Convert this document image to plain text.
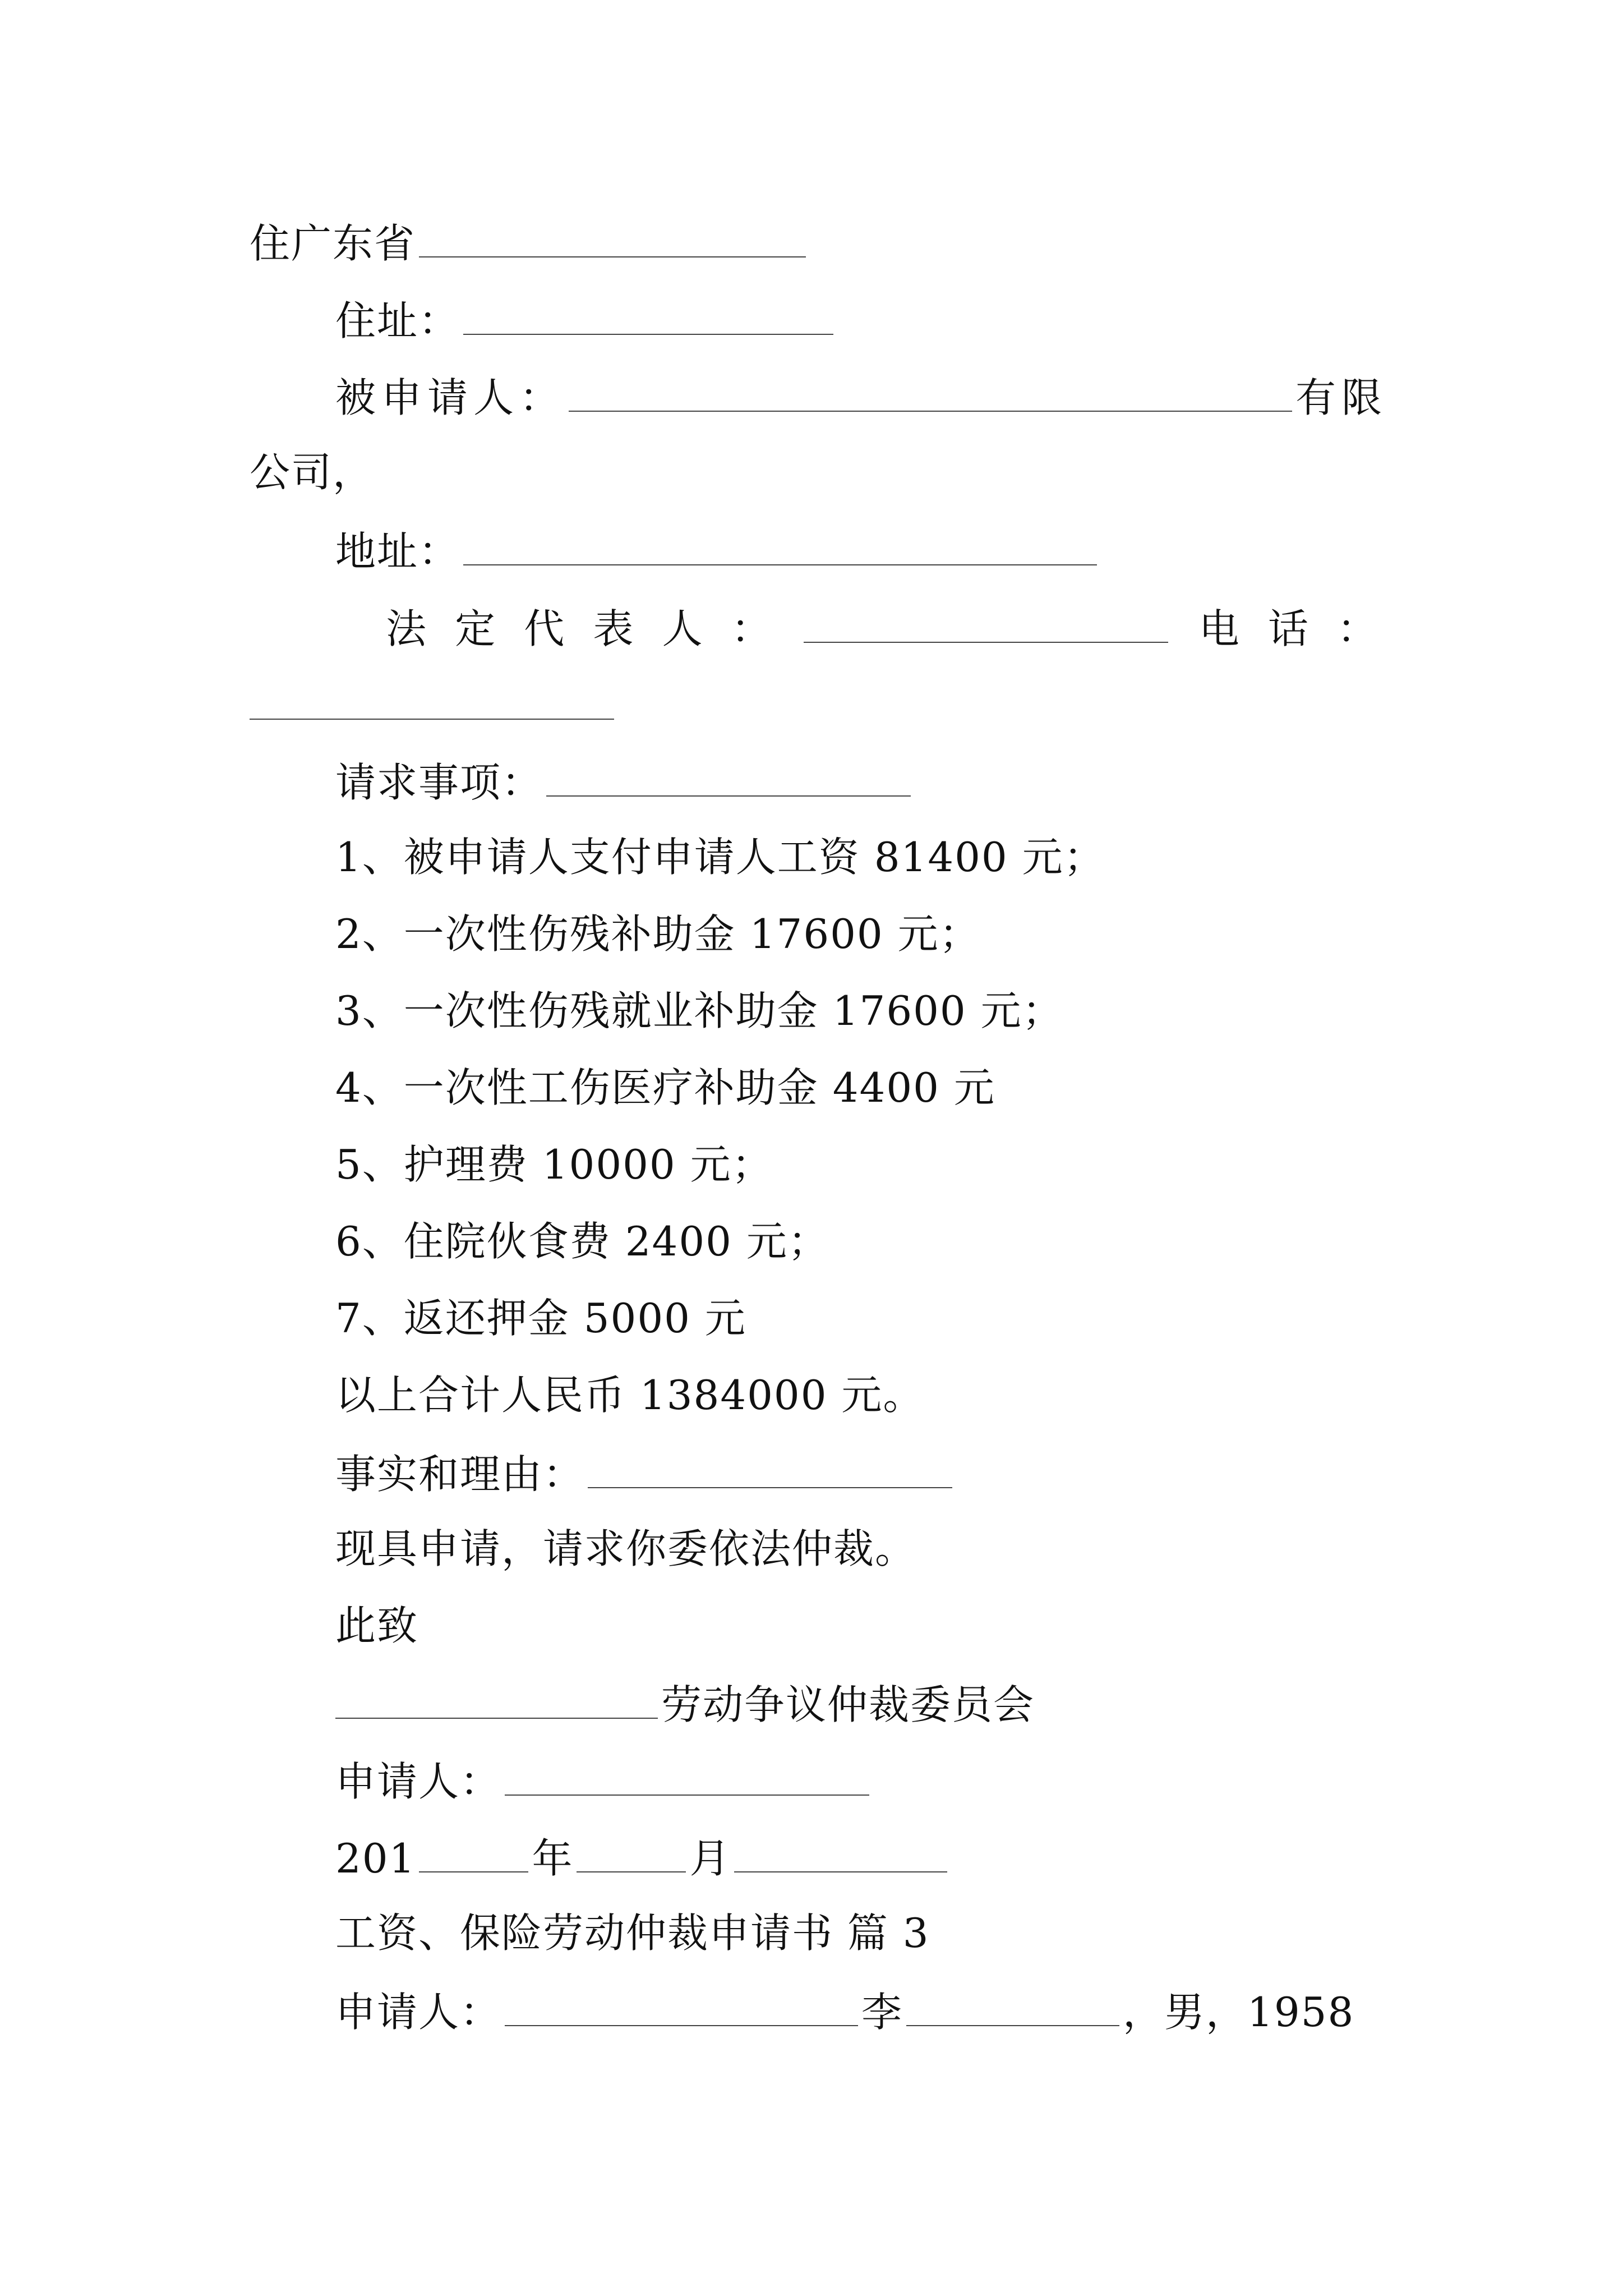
住广东省
住址：
被申请人：	有限
公司，
地址：
法 定 代 表 人 ：	电 话 ：
请求事项：
1、被申请人支付申请人工资 81400 元；
2、一次性伤残补助金 17600 元；
3、一次性伤残就业补助金 17600 元；
4、一次性工伤医疗补助金 4400 元
5、护理费 10000 元；
6、住院伙食费 2400 元；
7、返还押金 5000 元
以上合计人民币 1384000 元。
事实和理由：
现具申请，请求你委依法仲裁。
此致
劳动争议仲裁委员会
申请人：
201	年	月
工资、保险劳动仲裁申请书 篇 3
申请人：	李	，男，1958
